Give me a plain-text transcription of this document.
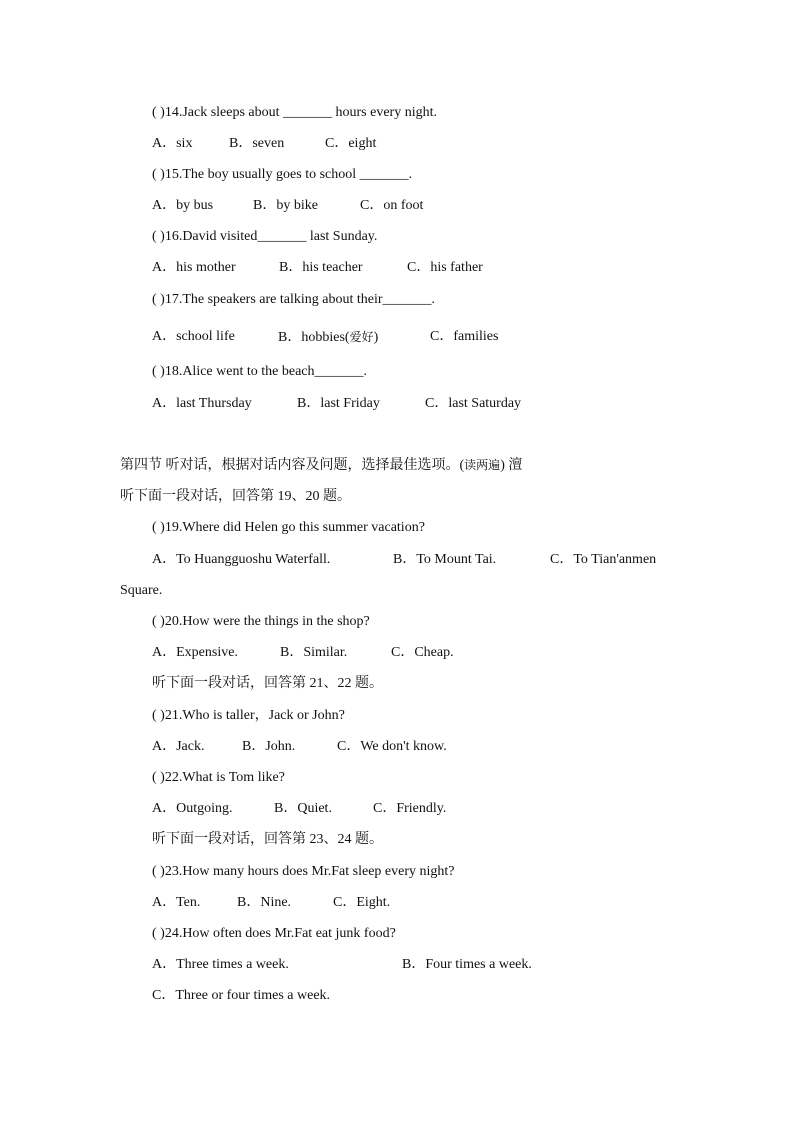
( )14.Jack sleeps about _______ hours every night.
A．six	B．seven	C．eight
( )15.The boy usually goes to school _______.
A．by bus	B．by bike	C．on foot
( )16.David visited_______ last Sunday.
A．his mother	B．his teacher	C．his father
( )17.The speakers are talking about their_______.
A．school life	B．hobbies(爱好)	C．families
( )18.Alice went to the beach_______.
A．last Thursday	B．last Friday	C．last Saturday
第四节 听对话，根据对话内容及问题，选择最佳选项。(读两遍) 澶
听下面一段对话，回答第 19、20 题。
( )19.Where did Helen go this summer vacation?
A．To Huangguoshu Waterfall.	B．To Mount Tai.	C．To Tian'anmen
Square.
( )20.How were the things in the shop?
A．Expensive.	B．Similar.	C．Cheap.
听下面一段对话，回答第 21、22 题。
( )21.Who is taller，Jack or John?
A．Jack.	B．John.	C．We don't know.
( )22.What is Tom like?
A．Outgoing.	B．Quiet.	C．Friendly.
听下面一段对话，回答第 23、24 题。
( )23.How many hours does Mr.Fat sleep every night?
A．Ten.	B．Nine.	C．Eight.
( )24.How often does Mr.Fat eat junk food?
A．Three times a week.	B．Four times a week.
C．Three or four times a week.
